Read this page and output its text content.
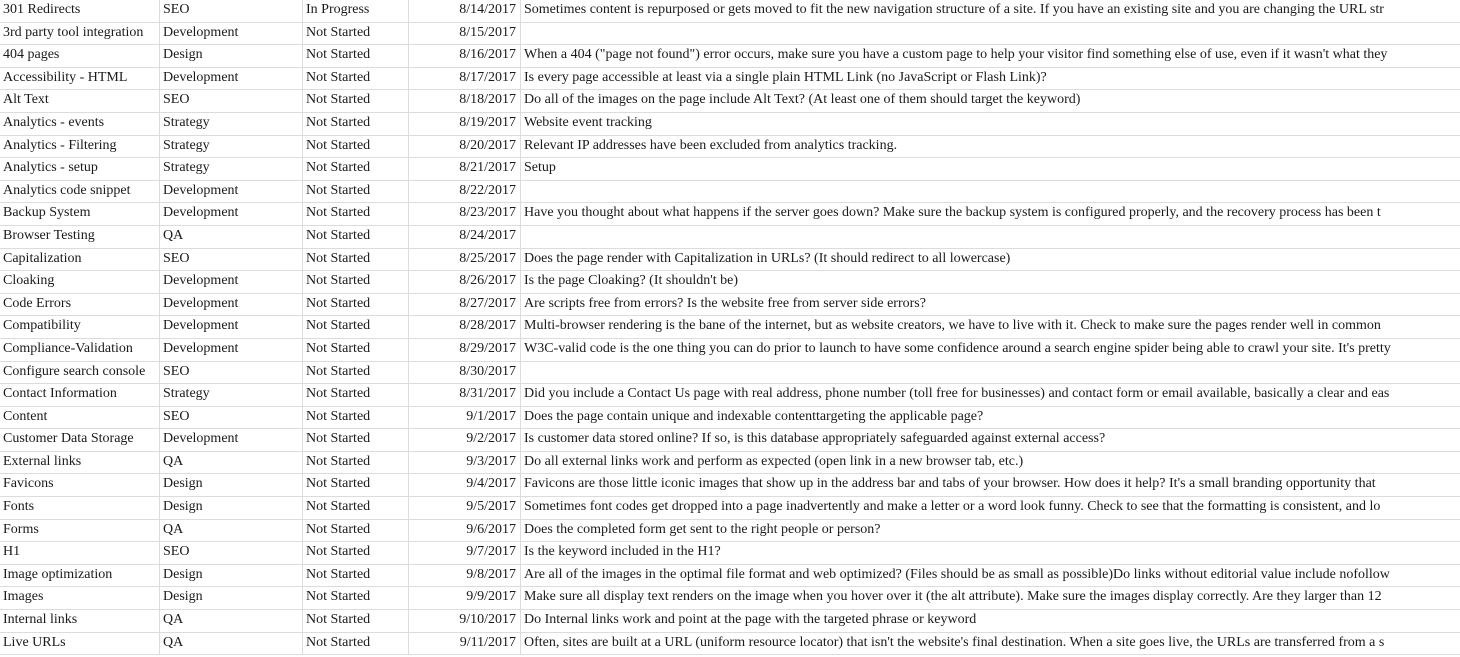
301 Redirects	SEO	In Progress	8/14/2017 Sometimes content is repurposed or gets moved to fit the new navigation structure of a site. If you have an existing site and you are changing the URL str
3rd party tool integration	Development	Not Started	8/15/2017
404 pages	Design	Not Started	8/16/2017 When a 404 ("page not found") error occurs, make sure you have a custom page to help your visitor find something else of use, even if it wasn't what they
Accessibility - HTML	Development	Not Started	8/17/2017 Is every page accessible at least via a single plain HTML Link (no JavaScript or Flash Link)?
Alt Text	SEO	Not Started	8/18/2017 Do all of the images on the page include Alt Text? (At least one of them should target the keyword)
Analytics - events	Strategy	Not Started	8/19/2017 Website event tracking
Analytics - Filtering	Strategy	Not Started	8/20/2017 Relevant IP addresses have been excluded from analytics tracking.
Analytics - setup	Strategy	Not Started	8/21/2017 Setup
Analytics code snippet	Development	Not Started	8/22/2017
Backup System	Development	Not Started	8/23/2017 Have you thought about what happens if the server goes down? Make sure the backup system is configured properly, and the recovery process has been t
Browser Testing	QA	Not Started	8/24/2017
Capitalization	SEO	Not Started	8/25/2017 Does the page render with Capitalization in URLs? (It should redirect to all lowercase)
Cloaking	Development	Not Started	8/26/2017 Is the page Cloaking? (It shouldn't be)
Code Errors	Development	Not Started	8/27/2017 Are scripts free from errors? Is the website free from server side errors?
Compatibility	Development	Not Started	8/28/2017 Multi-browser rendering is the bane of the internet, but as website creators, we have to live with it. Check to make sure the pages render well in common
Compliance-Validation	Development	Not Started	8/29/2017 W3C-valid code is the one thing you can do prior to launch to have some confidence around a search engine spider being able to crawl your site. It's pretty
Configure search console	SEO	Not Started	8/30/2017
Contact Information	Strategy	Not Started	8/31/2017 Did you include a Contact Us page with real address, phone number (toll free for businesses) and contact form or email available, basically a clear and eas
Content	SEO	Not Started	9/1/2017 Does the page contain unique and indexable contenttargeting the applicable page?
Customer Data Storage	Development	Not Started	9/2/2017 Is customer data stored online? If so, is this database appropriately safeguarded against external access?
External links	QA	Not Started	9/3/2017 Do all external links work and perform as expected (open link in a new browser tab, etc.)
Favicons	Design	Not Started	9/4/2017 Favicons are those little iconic images that show up in the address bar and tabs of your browser. How does it help? It's a small branding opportunity that
Fonts	Design	Not Started	9/5/2017 Sometimes font codes get dropped into a page inadvertently and make a letter or a word look funny. Check to see that the formatting is consistent, and lo
Forms	QA	Not Started	9/6/2017 Does the completed form get sent to the right people or person?
H1	SEO	Not Started	9/7/2017 Is the keyword included in the H1?
Image optimization	Design	Not Started	9/8/2017 Are all of the images in the optimal file format and web optimized? (Files should be as small as possible)Do links without editorial value include nofollow
Images	Design	Not Started	9/9/2017 Make sure all display text renders on the image when you hover over it (the alt attribute). Make sure the images display correctly. Are they larger than 12
Internal links	QA	Not Started	9/10/2017 Do Internal links work and point at the page with the targeted phrase or keyword
Live URLs	QA	Not Started	9/11/2017 Often, sites are built at a URL (uniform resource locator) that isn't the website's final destination. When a site goes live, the URLs are transferred from a s
